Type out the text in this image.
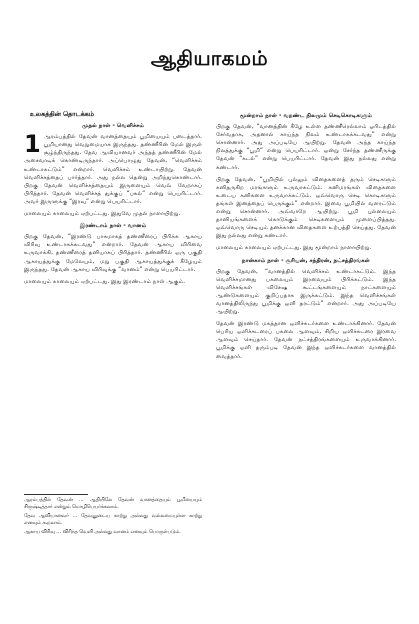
ஆதியாகமம்
உலகத்தின் தொடக்கம்
முதல் நாள் - வெளிச்சம்
1 ஆரம்பத்தில் தேவன் வானத்தையும் பூமியையும் படைத்தார். பூமியானது வெறுமையாக இருந்தது. தண்ணீரின் மேல் இருள் சூழ்ந்திருந்தது. தேவ ஆவியானவர் அந்தத் தண்ணீரின் மேல் அசைவாடிக் கொண்டிருந்தார். அப்பொழுது தேவன், “வெளிச்சம் உண்டாகட்டும்” என்றார். வெளிச்சம் உண்டாயிற்று. தேவன் வெளிச்சத்தைப் பார்த்தார். அது நல்ல தென்று அறிந்துகொண்டார். பிறகு தேவன் வெளிச்சத்தையும் இருளையும் வெவ் வேறாகப் பிரித்தார். தேவன் வெளிச்சத் துக்குப் “பகல்” என்று பெயரிட்டார். அவர் இருளுக்கு “இரவு” என்று பெயரிட்டார்.
மாலையும் காலையும் ஏற்பட்டது. இதுவே முதல் நாளாயிற்று.
இரண்டாம் நாள் - வானம்
பிறகு தேவன், “இரண்டு பாகமாகத் தண்ணீரைப் பிரிக்க ஆகாய விரிவு உண்டாகக்கடவது” என்றார். தேவன் ஆகாய விரிவை உருவாக்கி, தண்ணீரைத் தனியாகப் பிரித்தார். தண்ணீரில் ஒரு பகுதி ஆகாயத்துக்கு மேலேயும், மறு பகுதி ஆகாயத்துக்குக் கீழேயும் இருந்தது. தேவன் ஆகாய விரிவுக்கு “வானம்” என்று பெயரிட்டார்.
மாலையும் காலையும் ஏற்பட்டது. இது இரண்டாம் நாள் ஆகும்.
ஆரம்பத்தில் தேவன் … ஆதியிலே தேவன் வானத்தையும் பூமியையும் சிருஷ்டித்தார் என்றும் மொழிபெயர்க்கலாம்.
தேவ ஆவியானவர் … தேவனுடைய காற்று அல்லது வல்லமையுள்ள காற்று எனவும் கூறலாம்.
ஆகாய விரிவு … விரிந்த வெளி அல்லது வானம் எனவும் பொருள்படும்.
மூன்றாம் நாள் - வறண்ட நிலமும் செடிகொடிகளும்
பிறகு தேவன், “வானத்தின் கீழே உள்ள தண்ணீரெல்லாம் ஓரிடத்தில் சேர்வதாக, அதனால் காய்ந்த நிலம் உண்டாகக்கடவது” என்று சொன்னார். அது அப்படியே ஆயிற்று. தேவன் அந்த காய்ந்த நிலத்துக்கு “பூமி” என்று பெயரிட்டார். ஒன்று சேர்ந்த தண்ணீருக்கு தேவன் “கடல்” என்று பெயரிட்டார். தேவன் இது நல்லது என்று கண்டார்.
பிறகு தேவன், “பூமியில் புல்லும் விதைகளைத் தரும் செடிகளும் கனிதருகிற மரங்களும் உருவாகட்டும். கனிமரங்கள் விதைகளை உடைய கனிகளை உருவாக்கட்டும். ஒவ்வொரு செடி கொடிகளும் தங்கள் இனத்தைப் பெருக்கும்” என்றார். இவை பூமியில் வளரட்டும் என்று சொன்னார். அவ்வாறே ஆயிற்று. பூமி புல்லையும் தானியங்களைக் கொடுக்கும் செடிகளையும் முளைப்பித்தது. ஒவ்வொரு செடியும் தனக்கான விதைகளை உற்பத்தி செய்தது. தேவன் இது நல்லது என்று கண்டார்.
மாலையும் காலையும் ஏற்பட்டது. இது மூன்றாம் நாளாயிற்று.
நான்காம் நாள் - சூரியன், சந்திரன், நட்சத்திரங்கள்
பிறகு தேவன், “வானத்தில் வெளிச்சம் உண்டாகட்டும். இந்த வெளிச்சமானது பகலையும் இரவையும் பிரிக்கட்டும். இந்த வெளிச்சங்கள் விசேஷ கூட்டங்களையும் நாட்களையும் ஆண்டுகளையும் குறிப்பதாக இருக்கட்டும். இந்த வெளிச்சங்கள் வானத்திலிருந்து பூமிக்கு ஒளி தரட்டும்” என்றார். அது அப்படியே ஆயிற்று.
தேவன் இரண்டு மகத்தான ஒளிச்சுடர்களை உண்டாக்கினார். தேவன் பெரிய ஒளிச்சுடரைப் பகலை ஆளவும், சிறிய ஒளிச்சுடரை இரவை ஆளவும் செய்தார். தேவன் நட்சத்திரங்களையும் உருவாக்கினார். பூமிக்கு ஒளி தரும்படி தேவன் இந்த ஒளிச்சுடர்களை வானத்தில் வைத்தார்.
